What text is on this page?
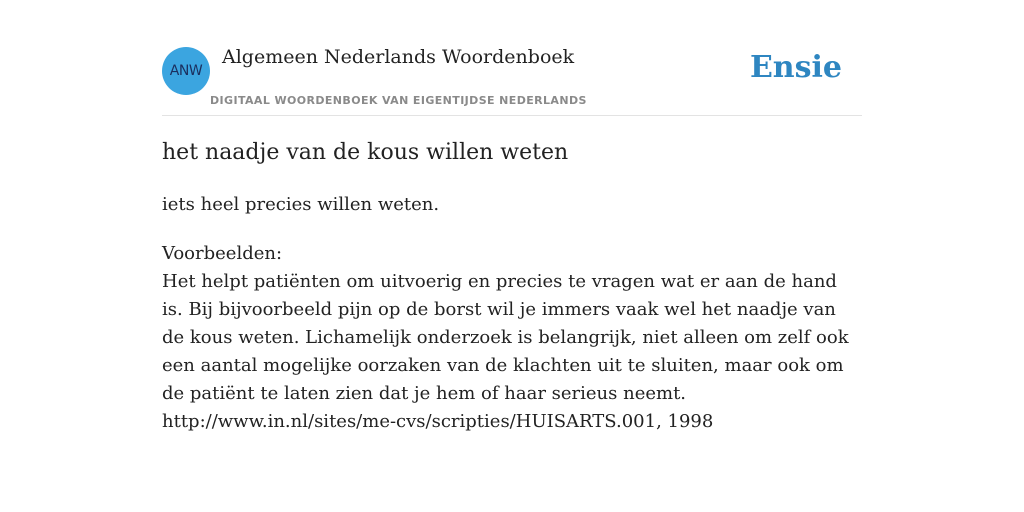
ANW
Algemeen Nederlands Woordenboek
DIGITAAL WOORDENBOEK VAN EIGENTIJDSE NEDERLANDS
Ensie
het naadje van de kous willen weten
iets heel precies willen weten.
Voorbeelden:
Het helpt patiënten om uitvoerig en precies te vragen wat er aan de hand is. Bij bijvoorbeeld pijn op de borst wil je immers vaak wel het naadje van de kous weten. Lichamelijk onderzoek is belangrijk, niet alleen om zelf ook een aantal mogelijke oorzaken van de klachten uit te sluiten, maar ook om de patiënt te laten zien dat je hem of haar serieus neemt.
http://www.in.nl/sites/me-cvs/scripties/HUISARTS.001, 1998
